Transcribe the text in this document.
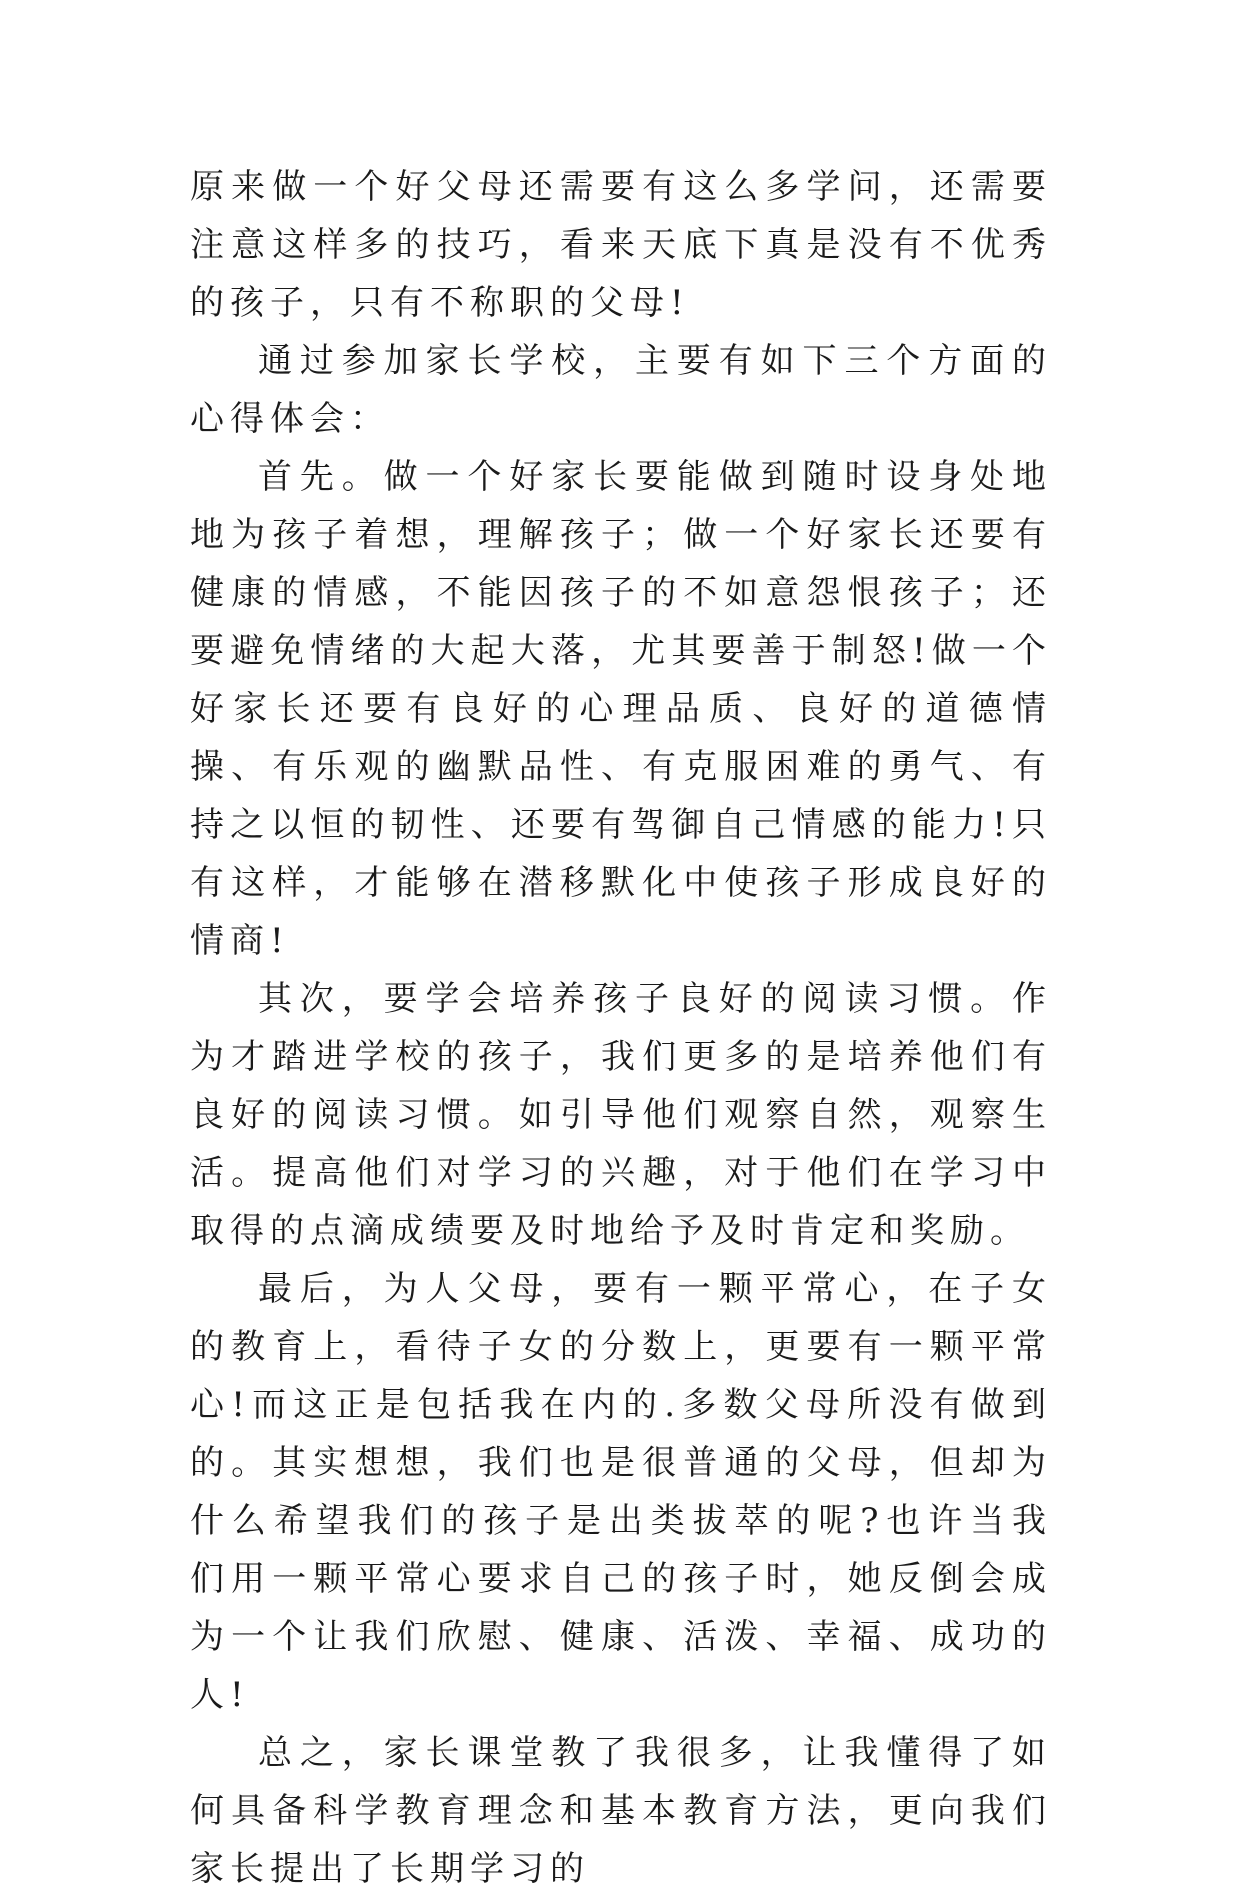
原来做一个好父母还需要有这么多学问，还需要注意这样多的技巧，看来天底下真是没有不优秀的孩子，只有不称职的父母!

通过参加家长学校，主要有如下三个方面的心得体会：

首先。做一个好家长要能做到随时设身处地地为孩子着想，理解孩子；做一个好家长还要有健康的情感，不能因孩子的不如意怨恨孩子；还要避免情绪的大起大落，尤其要善于制怒!做一个好家长还要有良好的心理品质、良好的道德情操、有乐观的幽默品性、有克服困难的勇气、有持之以恒的韧性、还要有驾御自己情感的能力!只有这样，才能够在潜移默化中使孩子形成良好的情商!

其次，要学会培养孩子良好的阅读习惯。作为才踏进学校的孩子，我们更多的是培养他们有良好的阅读习惯。如引导他们观察自然，观察生活。提高他们对学习的兴趣，对于他们在学习中取得的点滴成绩要及时地给予及时肯定和奖励。

最后，为人父母，要有一颗平常心，在子女的教育上，看待子女的分数上，更要有一颗平常心!而这正是包括我在内的.多数父母所没有做到的。其实想想，我们也是很普通的父母，但却为什么希望我们的孩子是出类拔萃的呢?也许当我们用一颗平常心要求自己的孩子时，她反倒会成为一个让我们欣慰、健康、活泼、幸福、成功的人!

总之，家长课堂教了我很多，让我懂得了如何具备科学教育理念和基本教育方法，更向我们家长提出了长期学习的
